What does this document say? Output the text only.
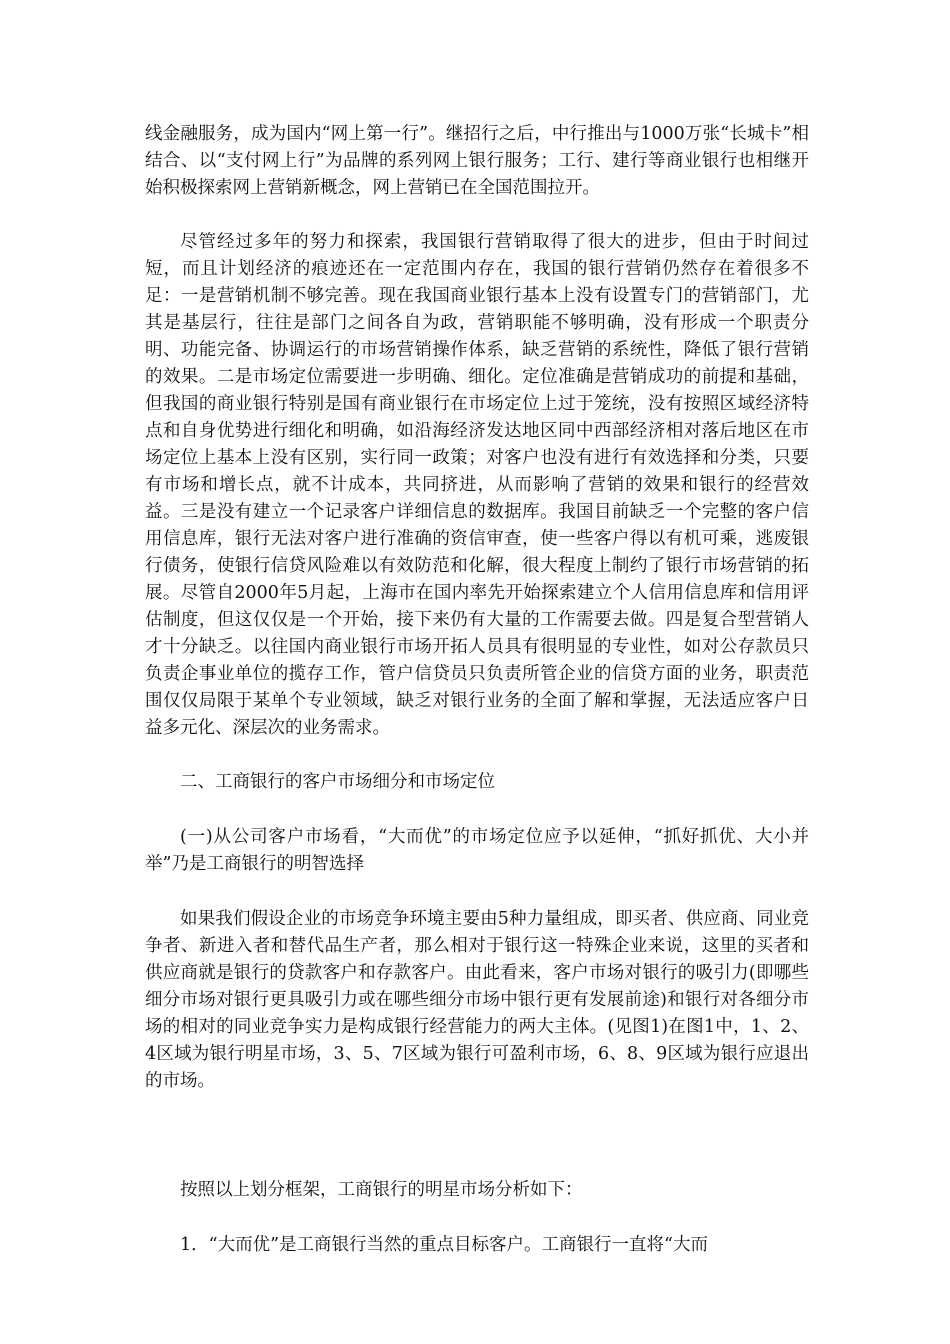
线金融服务，成为国内“网上第一行”。继招行之后，中行推出与1000万张“长城卡”相结合、以“支付网上行”为品牌的系列网上银行服务；工行、建行等商业银行也相继开始积极探索网上营销新概念，网上营销已在全国范围拉开。

尽管经过多年的努力和探索，我国银行营销取得了很大的进步，但由于时间过短，而且计划经济的痕迹还在一定范围内存在，我国的银行营销仍然存在着很多不足：一是营销机制不够完善。现在我国商业银行基本上没有设置专门的营销部门，尤其是基层行，往往是部门之间各自为政，营销职能不够明确，没有形成一个职责分明、功能完备、协调运行的市场营销操作体系，缺乏营销的系统性，降低了银行营销的效果。二是市场定位需要进一步明确、细化。定位准确是营销成功的前提和基础，但我国的商业银行特别是国有商业银行在市场定位上过于笼统，没有按照区域经济特点和自身优势进行细化和明确，如沿海经济发达地区同中西部经济相对落后地区在市场定位上基本上没有区别，实行同一政策；对客户也没有进行有效选择和分类，只要有市场和增长点，就不计成本，共同挤进，从而影响了营销的效果和银行的经营效益。三是没有建立一个记录客户详细信息的数据库。我国目前缺乏一个完整的客户信用信息库，银行无法对客户进行准确的资信审查，使一些客户得以有机可乘，逃废银行债务，使银行信贷风险难以有效防范和化解，很大程度上制约了银行市场营销的拓展。尽管自2000年5月起，上海市在国内率先开始探索建立个人信用信息库和信用评估制度，但这仅仅是一个开始，接下来仍有大量的工作需要去做。四是复合型营销人才十分缺乏。以往国内商业银行市场开拓人员具有很明显的专业性，如对公存款员只负责企事业单位的揽存工作，管户信贷员只负责所管企业的信贷方面的业务，职责范围仅仅局限于某单个专业领域，缺乏对银行业务的全面了解和掌握，无法适应客户日益多元化、深层次的业务需求。

二、工商银行的客户市场细分和市场定位

(一)从公司客户市场看，“大而优”的市场定位应予以延伸，“抓好抓优、大小并举”乃是工商银行的明智选择

如果我们假设企业的市场竞争环境主要由5种力量组成，即买者、供应商、同业竞争者、新进入者和替代品生产者，那么相对于银行这一特殊企业来说，这里的买者和供应商就是银行的贷款客户和存款客户。由此看来，客户市场对银行的吸引力(即哪些细分市场对银行更具吸引力或在哪些细分市场中银行更有发展前途)和银行对各细分市场的相对的同业竞争实力是构成银行经营能力的两大主体。(见图1)在图1中，1、2、4区域为银行明星市场，3、5、7区域为银行可盈利市场，6、8、9区域为银行应退出的市场。

按照以上划分框架，工商银行的明星市场分析如下：

1．“大而优”是工商银行当然的重点目标客户。工商银行一直将“大而
